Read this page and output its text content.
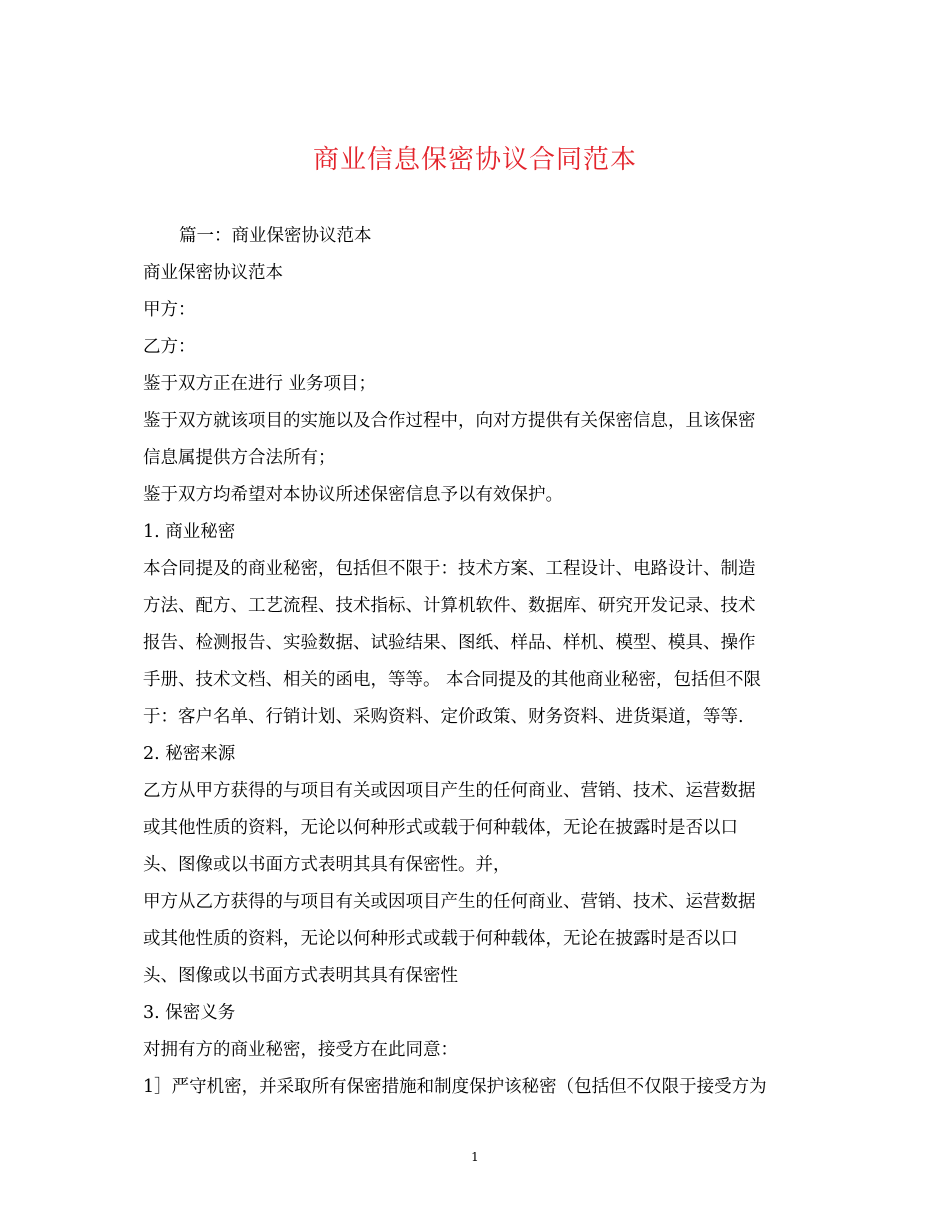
商业信息保密协议合同范本
篇一：商业保密协议范本
商业保密协议范本
甲方：
乙方：
鉴于双方正在进行 业务项目；
鉴于双方就该项目的实施以及合作过程中，向对方提供有关保密信息，且该保密
信息属提供方合法所有；
鉴于双方均希望对本协议所述保密信息予以有效保护。
1. 商业秘密
本合同提及的商业秘密，包括但不限于：技术方案、工程设计、电路设计、制造
方法、配方、工艺流程、技术指标、计算机软件、数据库、研究开发记录、技术
报告、检测报告、实验数据、试验结果、图纸、样品、样机、模型、模具、操作
手册、技术文档、相关的函电，等等。 本合同提及的其他商业秘密，包括但不限
于：客户名单、行销计划、采购资料、定价政策、财务资料、进货渠道，等等.
2. 秘密来源
乙方从甲方获得的与项目有关或因项目产生的任何商业、营销、技术、运营数据
或其他性质的资料，无论以何种形式或载于何种载体，无论在披露时是否以口
头、图像或以书面方式表明其具有保密性。并，
甲方从乙方获得的与项目有关或因项目产生的任何商业、营销、技术、运营数据
或其他性质的资料，无论以何种形式或载于何种载体，无论在披露时是否以口
头、图像或以书面方式表明其具有保密性
3. 保密义务
对拥有方的商业秘密，接受方在此同意：
1］严守机密，并采取所有保密措施和制度保护该秘密（包括但不仅限于接受方为
1
